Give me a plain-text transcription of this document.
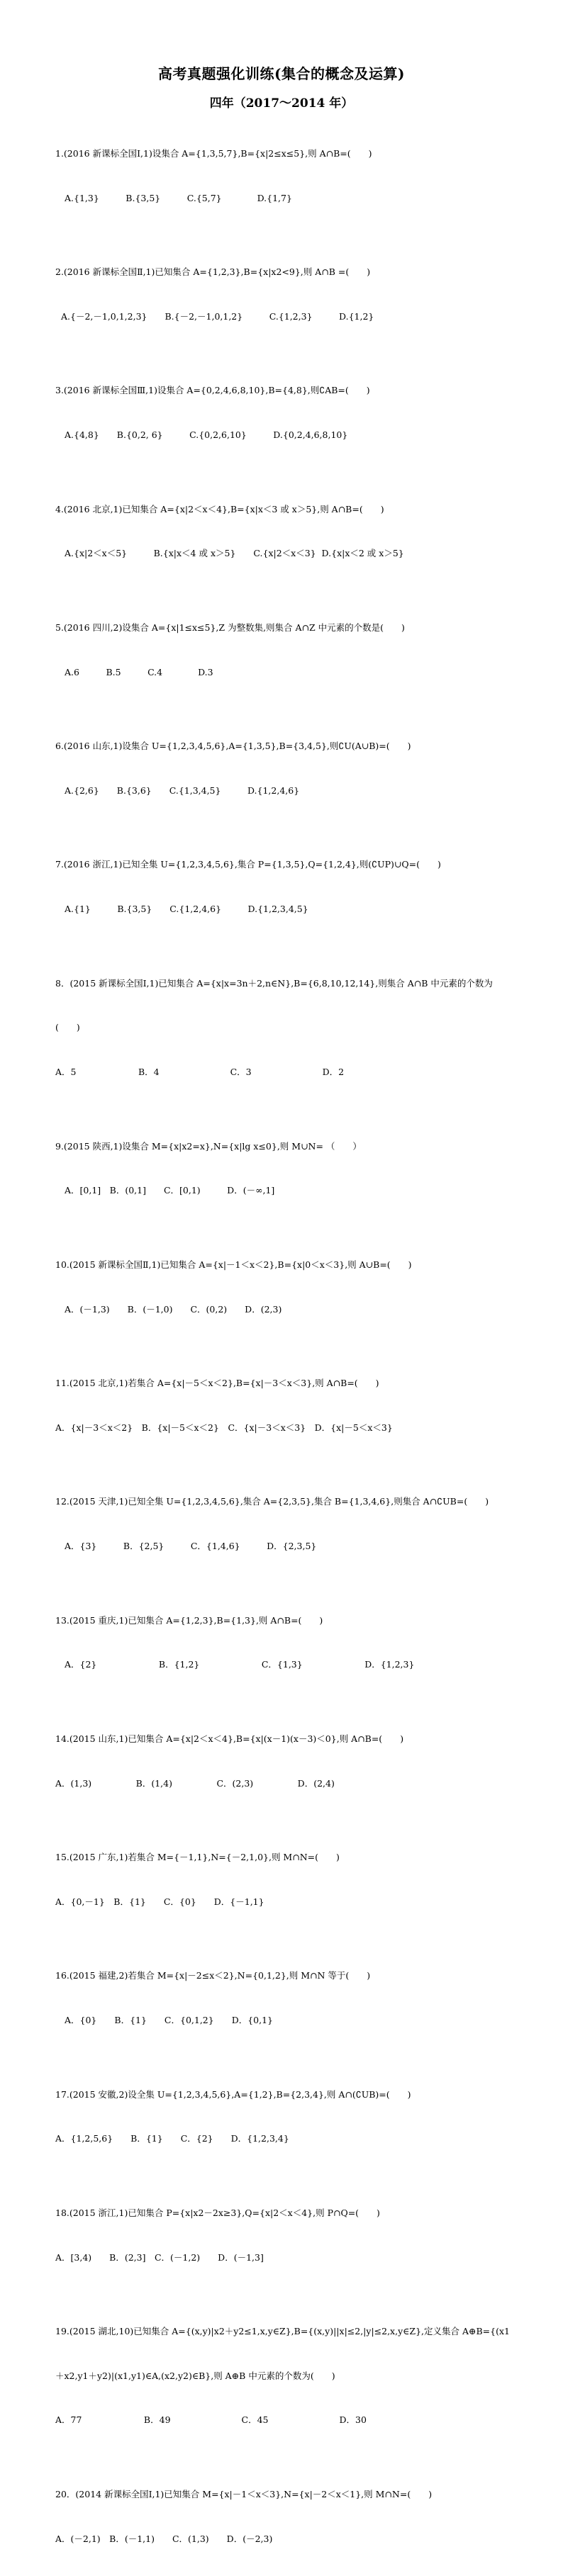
高考真题强化训练(集合的概念及运算)
四年（2017～2014 年）

1.(2016 新课标全国Ⅰ,1)设集合 A={1,3,5,7},B={x|2≤x≤5},则 A∩B=(　　)

A.{1,3}　　　B.{3,5}　　　C.{5,7}　　　　D.{1,7}

2.(2016 新课标全国Ⅱ,1)已知集合 A={1,2,3},B={x|x2<9},则 A∩B =(　　)

A.{－2,－1,0,1,2,3}　　B.{－2,－1,0,1,2}　　　C.{1,2,3}　　　D.{1,2}

3.(2016 新课标全国Ⅲ,1)设集合 A={0,2,4,6,8,10},B={4,8},则∁AB=(　　)

A.{4,8}　　B.{0,2, 6}　　　C.{0,2,6,10}　　　D.{0,2,4,6,8,10}

4.(2016 北京,1)已知集合 A={x|2＜x＜4},B={x|x＜3 或 x＞5},则 A∩B=(　　)

A.{x|2＜x＜5}　　　B.{x|x＜4 或 x＞5}　　C.{x|2＜x＜3}  D.{x|x＜2 或 x＞5}

5.(2016 四川,2)设集合 A={x|1≤x≤5},Z 为整数集,则集合 A∩Z 中元素的个数是(　　)

A.6　　　B.5　　　C.4　　　　D.3

6.(2016 山东,1)设集合 U={1,2,3,4,5,6},A={1,3,5},B={3,4,5},则∁U(A∪B)=(　　)

A.{2,6}　　B.{3,6}　　C.{1,3,4,5}　　　D.{1,2,4,6}

7.(2016 浙江,1)已知全集 U={1,2,3,4,5,6},集合 P={1,3,5},Q={1,2,4},则(∁UP)∪Q=(　　)

A.{1}　　　B.{3,5}　　C.{1,2,4,6}　　　D.{1,2,3,4,5}

8．(2015 新课标全国Ⅰ,1)已知集合 A={x|x=3n＋2,n∈N},B={6,8,10,12,14},则集合 A∩B 中元素的个数为

(　　)

A．5　　　　　　　B．4　　　　　　　　C．3　　　　　　　　D．2

9.(2015 陕西,1)设集合 M={x|x2=x},N={x|lg x≤0},则 M∪N= （　　）

A．[0,1]　B．(0,1]　　C．[0,1)　　　D．(－∞,1]

10.(2015 新课标全国Ⅱ,1)已知集合 A={x|－1＜x＜2},B={x|0＜x＜3},则 A∪B=(　　)

A．(－1,3)　　B．(－1,0)　　C．(0,2)　　D．(2,3)

11.(2015 北京,1)若集合 A={x|－5＜x＜2},B={x|－3＜x＜3},则 A∩B=(　　)

A．{x|－3＜x＜2}　B．{x|－5＜x＜2}　C．{x|－3＜x＜3}　D．{x|－5＜x＜3}

12.(2015 天津,1)已知全集 U={1,2,3,4,5,6},集合 A={2,3,5},集合 B={1,3,4,6},则集合 A∩∁UB=(　　)

A．{3}　　　B．{2,5}　　　C．{1,4,6}　　　D．{2,3,5}

13.(2015 重庆,1)已知集合 A={1,2,3},B={1,3},则 A∩B=(　　)

A．{2}　　　　　　　B．{1,2}　　　　　　　C．{1,3}　　　　　　　D．{1,2,3}

14.(2015 山东,1)已知集合 A={x|2＜x＜4},B={x|(x－1)(x－3)＜0},则 A∩B=(　　)

A．(1,3)　　　　　B．(1,4)　　　　　C．(2,3)　　　　　D．(2,4)

15.(2015 广东,1)若集合 M={－1,1},N={－2,1,0},则 M∩N=(　　)

A．{0,－1}　B．{1}　　C．{0}　　D．{－1,1}

16.(2015 福建,2)若集合 M={x|－2≤x＜2},N={0,1,2},则 M∩N 等于(　　)

A．{0}　　B．{1}　　C．{0,1,2}　　D．{0,1}

17.(2015 安徽,2)设全集 U={1,2,3,4,5,6},A={1,2},B={2,3,4},则 A∩(∁UB)=(　　)

A．{1,2,5,6}　　B．{1}　　C．{2}　　D．{1,2,3,4}

18.(2015 浙江,1)已知集合 P={x|x2－2x≥3},Q={x|2＜x＜4},则 P∩Q=(　　)

A．[3,4)　　B．(2,3]　C．(－1,2)　　D．(－1,3]

19.(2015 湖北,10)已知集合 A={(x,y)|x2＋y2≤1,x,y∈Z},B={(x,y)||x|≤2,|y|≤2,x,y∈Z},定义集合 A⊕B={(x1

＋x2,y1＋y2)|(x1,y1)∈A,(x2,y2)∈B},则 A⊕B 中元素的个数为(　　)

A．77　　　　　　　B．49　　　　　　　　C．45　　　　　　　　D．30

20．(2014 新课标全国Ⅰ,1)已知集合 M={x|－1＜x＜3},N={x|－2＜x＜1},则 M∩N=(　　)

A．(－2,1)　B．(－1,1)　　C．(1,3)　　D．(－2,3)
